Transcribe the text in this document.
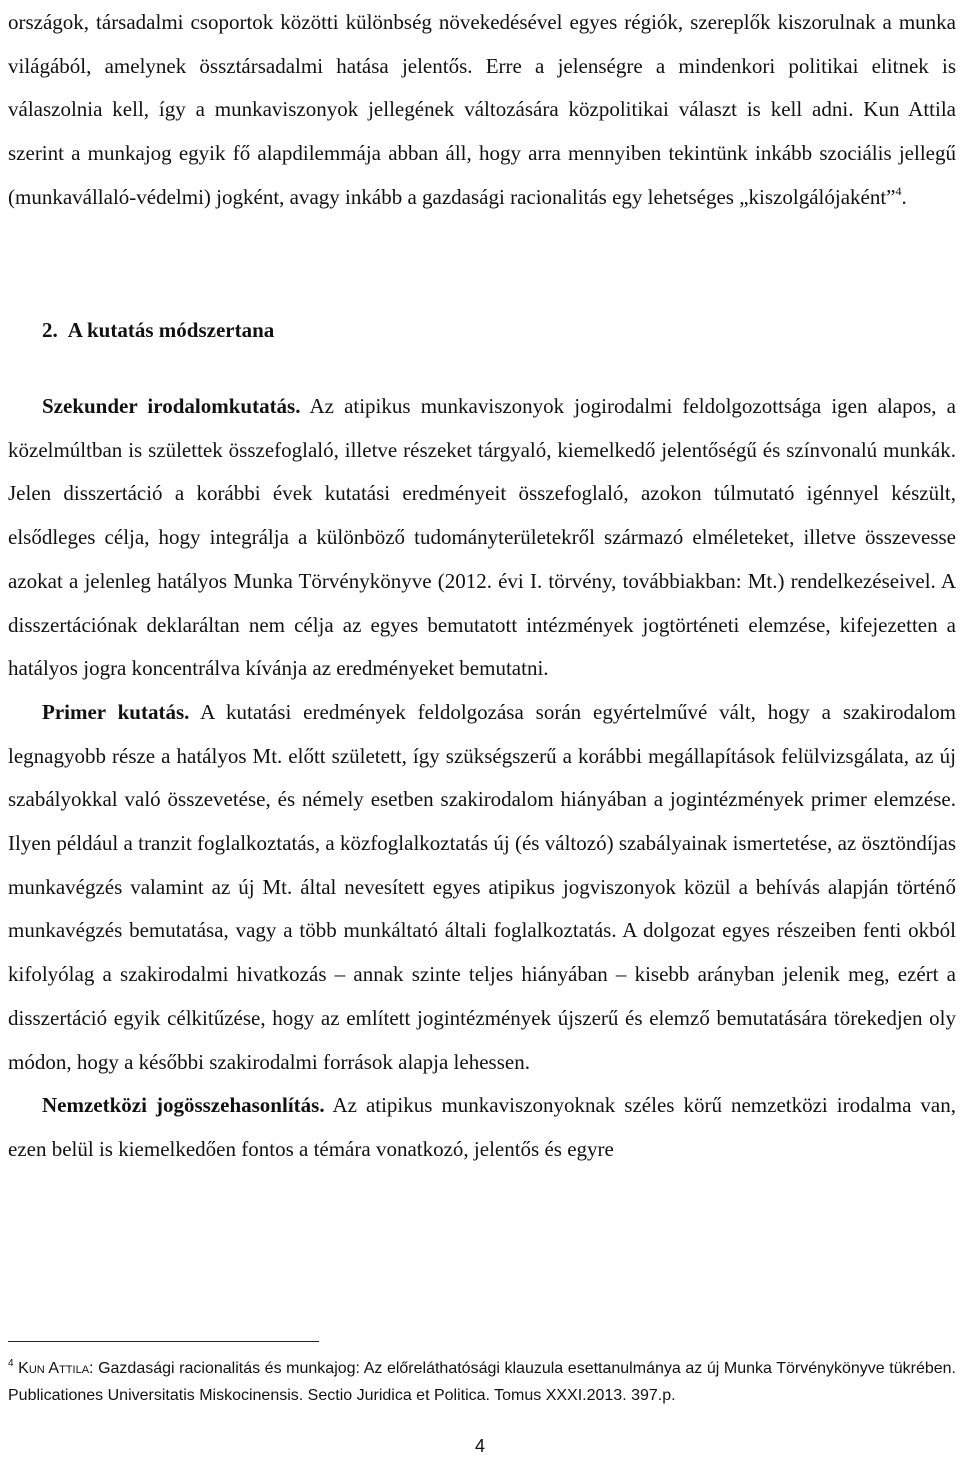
országok, társadalmi csoportok közötti különbség növekedésével egyes régiók, szereplők kiszorulnak a munka világából, amelynek össztársadalmi hatása jelentős. Erre a jelenségre a mindenkori politikai elitnek is válaszolnia kell, így a munkaviszonyok jellegének változására közpolitikai választ is kell adni. Kun Attila szerint a munkajog egyik fő alapdilemmája abban áll, hogy arra mennyiben tekintünk inkább szociális jellegű (munkavállaló-védelmi) jogként, avagy inkább a gazdasági racionalitás egy lehetséges „kiszolgálójaként”$^4$.

2. A kutatás módszertana

Szekunder irodalomkutatás. Az atipikus munkaviszonyok jogirodalmi feldolgozottsága igen alapos, a közelmúltban is születtek összefoglaló, illetve részeket tárgyaló, kiemelkedő jelentőségű és színvonalú munkák. Jelen disszertáció a korábbi évek kutatási eredményeit összefoglaló, azokon túlmutató igénnyel készült, elsődleges célja, hogy integrálja a különböző tudományterületekről származó elméleteket, illetve összevesse azokat a jelenleg hatályos Munka Törvénykönyve (2012. évi I. törvény, továbbiakban: Mt.) rendelkezéseivel. A disszertációnak deklaráltan nem célja az egyes bemutatott intézmények jogtörténeti elemzése, kifejezetten a hatályos jogra koncentrálva kívánja az eredményeket bemutatni.

Primer kutatás. A kutatási eredmények feldolgozása során egyértelművé vált, hogy a szakirodalom legnagyobb része a hatályos Mt. előtt született, így szükségszerű a korábbi megállapítások felülvizsgálata, az új szabályokkal való összevetése, és némely esetben szakirodalom hiányában a jogintézmények primer elemzése. Ilyen például a tranzit foglalkoztatás, a közfoglalkoztatás új (és változó) szabályainak ismertetése, az ösztöndíjas munkavégzés valamint az új Mt. által nevesített egyes atipikus jogviszonyok közül a behívás alapján történő munkavégzés bemutatása, vagy a több munkáltató általi foglalkoztatás. A dolgozat egyes részeiben fenti okból kifolyólag a szakirodalmi hivatkozás – annak szinte teljes hiányában – kisebb arányban jelenik meg, ezért a disszertáció egyik célkitűzése, hogy az említett jogintézmények újszerű és elemző bemutatására törekedjen oly módon, hogy a későbbi szakirodalmi források alapja lehessen.

Nemzetközi jogösszehasonlítás. Az atipikus munkaviszonyoknak széles körű nemzetközi irodalma van, ezen belül is kiemelkedően fontos a témára vonatkozó, jelentős és egyre

$^4$ Kun Attila: Gazdasági racionalitás és munkajog: Az előreláthatósági klauzula esettanulmánya az új Munka Törvénykönyve tükrében. Publicationes Universitatis Miskocinensis. Sectio Juridica et Politica. Tomus XXXI.2013. 397.p.

4
